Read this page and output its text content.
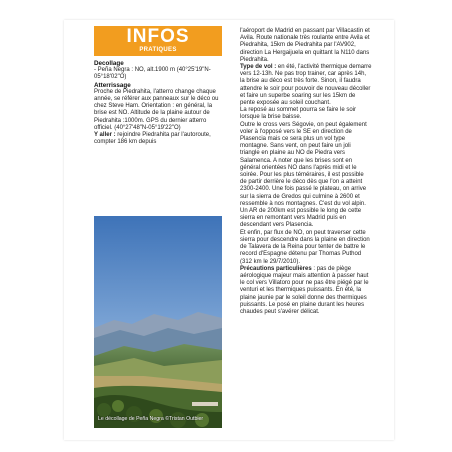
INFOS
PRATIQUES

Decollage

- Peña Negra : NO, alt.1900 m (40°25'19"N-05°18'02"O)

Atterrissage

Proche de Piedrahita, l'atterro change chaque année, se référer aux panneaux sur le déco ou chez Steve Ham. Orientation : en général, la brise est NO. Altitude de la plaine autour de Piedrahita :1000m. GPS du dernier atterro officiel. (40°27'48"N-05°19'22"O)

Y aller : rejoindre Piedrahita par l'autoroute, compter 186 km depuis

Le décollage de Peña Negra ©Tristan Outbier

l'aéroport de Madrid en passant par Villacastin et Avila. Route nationale très roulante entre Avila et Piedrahita, 15km de Piedrahita par l'AV902, direction La Hergaijuela en quittant la N110 dans Piedrahita.

Type de vol : en été, l'activité thermique demarre vers 12-13h. Ne pas trop trainer, car après 14h, la brise au déco est très forte. Sinon, il faudra attendre le soir pour pouvoir de nouveau décoller et faire un superbe soaring sur les 15km de pente exposée au soleil couchant.

La reposé au sommet pourra se faire le soir lorsque la brise baisse.

Outre le cross vers Ségovie, on peut également voler à l'opposé vers le SE en direction de Plasencia mais ce sera plus un vol type montagne. Sans vent, on peut faire un joli triangle en plaine au NO de Piedra vers Salamenca. A noter que les brises sont en général orientées NO dans l'après midi et le soirée. Pour les plus téméraires, il est possible de partir derrière le déco dès que l'on a atteint 2300-2400. Une fois passé le plateau, on arrive sur la sierra de Gredos qui culmine à 2600 et ressemble à nos montagnes. C'est du vol alpin. Un AR de 200km est possible le long de cette sierra en remontant vers Madrid puis en descendant vers Plasencia.

Et enfin, par flux de NO, on peut traverser cette sierra pour descendre dans la plaine en direction de Talavera de la Reina pour tenter de battre le record d'Espagne détenu par Thomas Puthod (312 km le 29/7/2010).

Précautions particulières : pas de piège aérologique majeur mais attention à passer haut le col vers Villatoro pour ne pas être piégé par le venturi et les thermiques puissants. En été, la plaine jaunie par le soleil donne des thermiques puissants. Le posé en plaine durant les heures chaudes peut s'avérer délicat.
